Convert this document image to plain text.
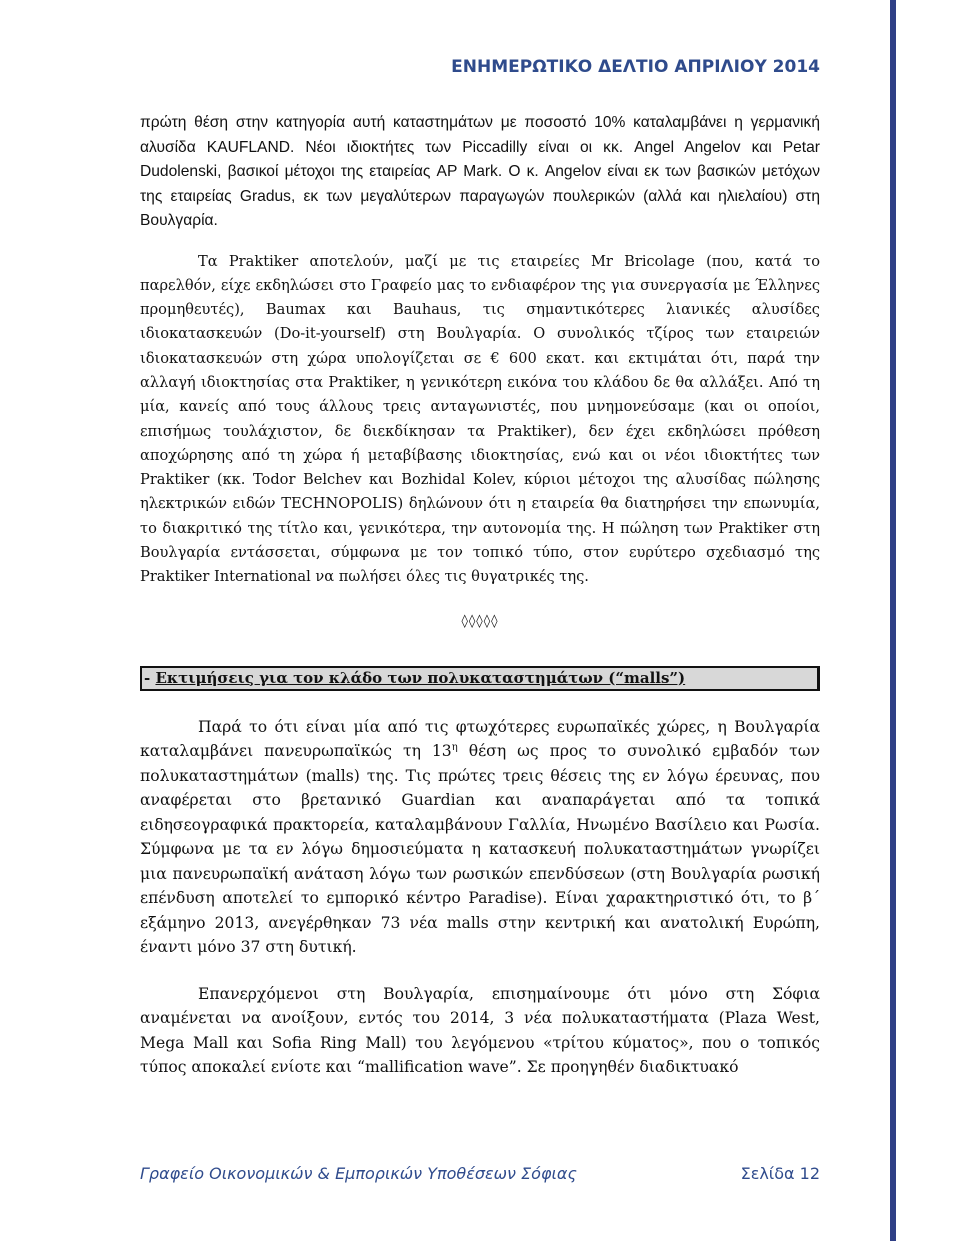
ΕΝΗΜΕΡΩΤΙΚΟ ΔΕΛΤΙΟ ΑΠΡΙΛΙΟΥ 2014

πρώτη θέση στην κατηγορία αυτή καταστημάτων με ποσοστό 10% καταλαμβάνει η γερμανική αλυσίδα KAUFLAND. Νέοι ιδιοκτήτες των Piccadilly είναι οι κκ. Angel Angelov και Petar Dudolenski, βασικοί μέτοχοι της εταιρείας AP Mark. Ο κ. Angelov είναι εκ των βασικών μετόχων της εταιρείας Gradus, εκ των μεγαλύτερων παραγωγών πουλερικών (αλλά και ηλιελαίου) στη Βουλγαρία.

Τα Praktiker αποτελούν, μαζί με τις εταιρείες Mr Bricolage (που, κατά το παρελθόν, είχε εκδηλώσει στο Γραφείο μας το ενδιαφέρον της για συνεργασία με Έλληνες προμηθευτές), Baumax και Bauhaus, τις σημαντικότερες λιανικές αλυσίδες ιδιοκατασκευών (Do-it-yourself) στη Βουλγαρία. Ο συνολικός τζίρος των εταιρειών ιδιοκατασκευών στη χώρα υπολογίζεται σε € 600 εκατ. και εκτιμάται ότι, παρά την αλλαγή ιδιοκτησίας στα Praktiker, η γενικότερη εικόνα του κλάδου δε θα αλλάξει. Από τη μία, κανείς από τους άλλους τρεις ανταγωνιστές, που μνημονεύσαμε (και οι οποίοι, επισήμως τουλάχιστον, δε διεκδίκησαν τα Praktiker), δεν έχει εκδηλώσει πρόθεση αποχώρησης από τη χώρα ή μεταβίβασης ιδιοκτησίας, ενώ και οι νέοι ιδιοκτήτες των Praktiker (κκ. Todor Belchev και Bozhidal Kolev, κύριοι μέτοχοι της αλυσίδας πώλησης ηλεκτρικών ειδών TECHNOPOLIS) δηλώνουν ότι η εταιρεία θα διατηρήσει την επωνυμία, το διακριτικό της τίτλο και, γενικότερα, την αυτονομία της. Η πώληση των Praktiker στη Βουλγαρία εντάσσεται, σύμφωνα με τον τοπικό τύπο, στον ευρύτερο σχεδιασμό της Praktiker International να πωλήσει όλες τις θυγατρικές της.

◊◊◊◊◊
- Εκτιμήσεις για τον κλάδο των πολυκαταστημάτων (“malls”)

Παρά το ότι είναι μία από τις φτωχότερες ευρωπαϊκές χώρες, η Βουλγαρία καταλαμβάνει πανευρωπαϊκώς τη $13^\eta$ θέση ως προς το συνολικό εμβαδόν των πολυκαταστημάτων (malls) της. Τις πρώτες τρεις θέσεις της εν λόγω έρευνας, που αναφέρεται στο βρετανικό Guardian και αναπαράγεται από τα τοπικά ειδησεογραφικά πρακτορεία, καταλαμβάνουν Γαλλία, Ηνωμένο Βασίλειο και Ρωσία. Σύμφωνα με τα εν λόγω δημοσιεύματα η κατασκευή πολυκαταστημάτων γνωρίζει μια πανευρωπαϊκή ανάταση λόγω των ρωσικών επενδύσεων (στη Βουλγαρία ρωσική επένδυση αποτελεί το εμπορικό κέντρο Paradise). Είναι χαρακτηριστικό ότι, το β΄ εξάμηνο 2013, ανεγέρθηκαν 73 νέα malls στην κεντρική και ανατολική Ευρώπη, έναντι μόνο 37 στη δυτική.

Επανερχόμενοι στη Βουλγαρία, επισημαίνουμε ότι μόνο στη Σόφια αναμένεται να ανοίξουν, εντός του 2014, 3 νέα πολυκαταστήματα (Plaza West, Mega Mall και Sofia Ring Mall) του λεγόμενου «τρίτου κύματος», που ο τοπικός τύπος αποκαλεί ενίοτε και “mallification wave”. Σε προηγηθέν διαδικτυακό

Γραφείο Οικονομικών & Εμπορικών Υποθέσεων Σόφιας	Σελίδα 12
